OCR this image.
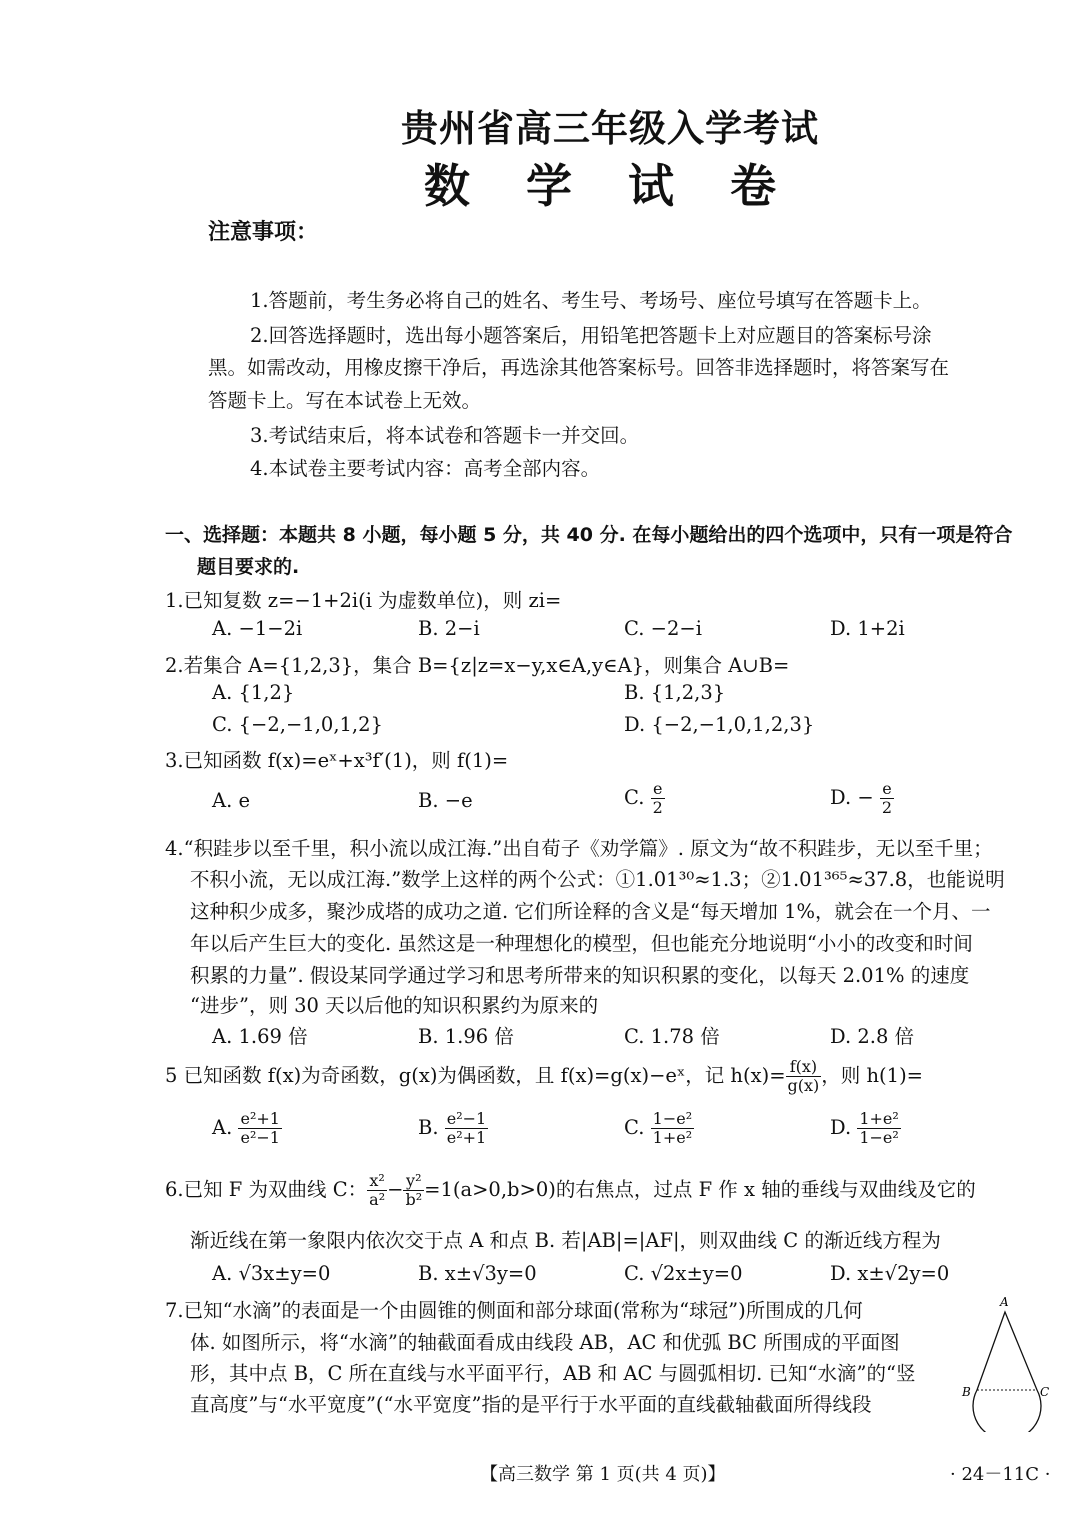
贵州省高三年级入学考试
数 学 试 卷
注意事项：
1.答题前，考生务必将自己的姓名、考生号、考场号、座位号填写在答题卡上。
2.回答选择题时，选出每小题答案后，用铅笔把答题卡上对应题目的答案标号涂
黑。如需改动，用橡皮擦干净后，再选涂其他答案标号。回答非选择题时，将答案写在
答题卡上。写在本试卷上无效。
3.考试结束后，将本试卷和答题卡一并交回。
4.本试卷主要考试内容：高考全部内容。
一、选择题：本题共 8 小题，每小题 5 分，共 40 分. 在每小题给出的四个选项中，只有一项是符合
题目要求的.
1.已知复数 z=−1+2i(i 为虚数单位)，则 zi=
A. −1−2i	B. 2−i	C. −2−i	D. 1+2i
2.若集合 A={1,2,3}，集合 B={z|z=x−y,x∈A,y∈A}，则集合 A∪B=
A. {1,2}	B. {1,2,3}
C. {−2,−1,0,1,2}	D. {−2,−1,0,1,2,3}
3.已知函数 f(x)=eˣ+x³f′(1)，则 f(1)=
A. e	B. −e	C. $\frac{e}{2}$	D. − $\frac{e}{2}$
4.“积跬步以至千里，积小流以成江海.”出自荀子《劝学篇》. 原文为“故不积跬步，无以至千里；
不积小流，无以成江海.”数学上这样的两个公式：①1.01³⁰≈1.3；②1.01³⁶⁵≈37.8，也能说明
这种积少成多，聚沙成塔的成功之道. 它们所诠释的含义是“每天增加 1%，就会在一个月、一
年以后产生巨大的变化. 虽然这是一种理想化的模型，但也能充分地说明“小小的改变和时间
积累的力量”. 假设某同学通过学习和思考所带来的知识积累的变化，以每天 2.01% 的速度
“进步”，则 30 天以后他的知识积累约为原来的
A. 1.69 倍	B. 1.96 倍	C. 1.78 倍	D. 2.8 倍
5 已知函数 f(x)为奇函数，g(x)为偶函数，且 f(x)=g(x)−eˣ，记 $h(x)= \frac{f(x)}{g(x)}$ ，则 h(1)=
A. $\frac{\text{e²+1}}{\text{e²−1}}$	B. $\frac{\text{e²−1}}{\text{e²+1}}$	C. $\frac{\text{1−e²}}{\text{1+e²}}$	D. $\frac{\text{1+e²}}{\text{1−e²}}$
6.已知 F 为双曲线 C： $\frac{\text{x²}}{\text{a²}} - \frac{\text{y²}}{\text{b²}} =1(a>0,b>0)$的右焦点，过点 F 作 x 轴的垂线与双曲线及它的
渐近线在第一象限内依次交于点 A 和点 B. 若|AB|=|AF|，则双曲线 C 的渐近线方程为
A. √3x±y=0	B. x±√3y=0	C. √2x±y=0	D. x±√2y=0
7.已知“水滴”的表面是一个由圆锥的侧面和部分球面(常称为“球冠”)所围成的几何
体. 如图所示，将“水滴”的轴截面看成由线段 AB，AC 和优弧 BC 所围成的平面图
形，其中点 B，C 所在直线与水平面平行，AB 和 AC 与圆弧相切. 已知“水滴”的“竖
直高度”与“水平宽度”(“水平宽度”指的是平行于水平面的直线截轴截面所得线段
A
B	C
【高三数学 第 1 页(共 4 页)】	· 24－11C ·
